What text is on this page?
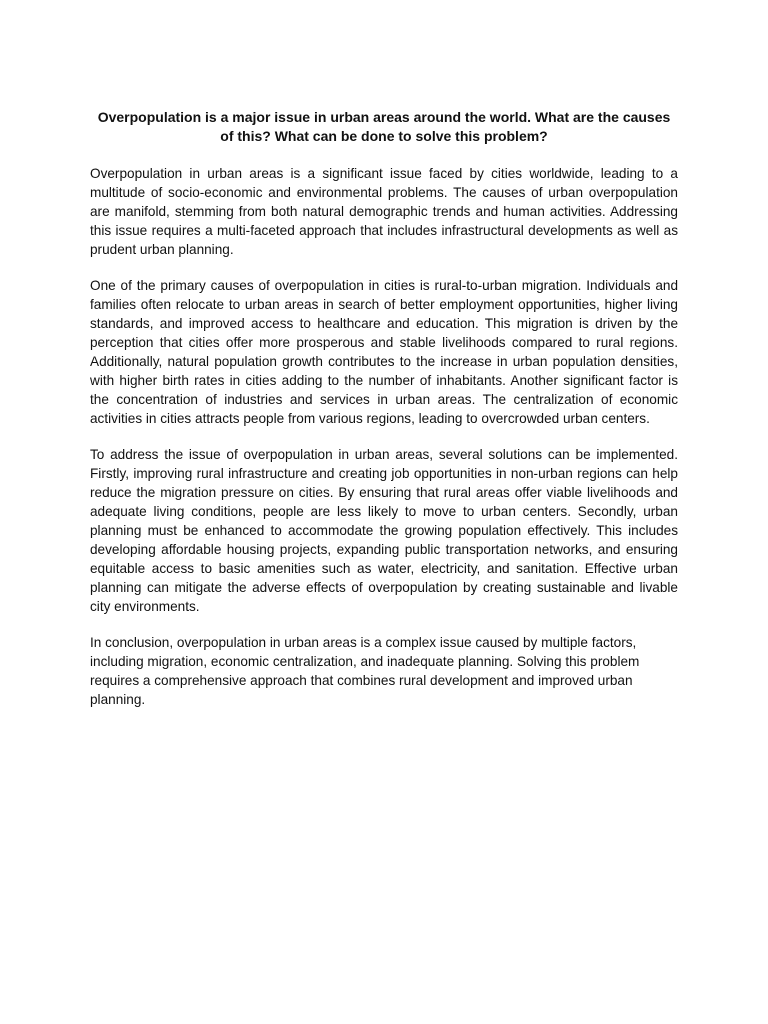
Overpopulation is a major issue in urban areas around the world. What are the causes of this? What can be done to solve this problem?

Overpopulation in urban areas is a significant issue faced by cities worldwide, leading to a multitude of socio-economic and environmental problems. The causes of urban overpopulation are manifold, stemming from both natural demographic trends and human activities. Addressing this issue requires a multi-faceted approach that includes infrastructural developments as well as prudent urban planning.

One of the primary causes of overpopulation in cities is rural-to-urban migration. Individuals and families often relocate to urban areas in search of better employment opportunities, higher living standards, and improved access to healthcare and education. This migration is driven by the perception that cities offer more prosperous and stable livelihoods compared to rural regions. Additionally, natural population growth contributes to the increase in urban population densities, with higher birth rates in cities adding to the number of inhabitants. Another significant factor is the concentration of industries and services in urban areas. The centralization of economic activities in cities attracts people from various regions, leading to overcrowded urban centers.

To address the issue of overpopulation in urban areas, several solutions can be implemented. Firstly, improving rural infrastructure and creating job opportunities in non-urban regions can help reduce the migration pressure on cities. By ensuring that rural areas offer viable livelihoods and adequate living conditions, people are less likely to move to urban centers. Secondly, urban planning must be enhanced to accommodate the growing population effectively. This includes developing affordable housing projects, expanding public transportation networks, and ensuring equitable access to basic amenities such as water, electricity, and sanitation. Effective urban planning can mitigate the adverse effects of overpopulation by creating sustainable and livable city environments.

In conclusion, overpopulation in urban areas is a complex issue caused by multiple factors, including migration, economic centralization, and inadequate planning. Solving this problem requires a comprehensive approach that combines rural development and improved urban planning.
